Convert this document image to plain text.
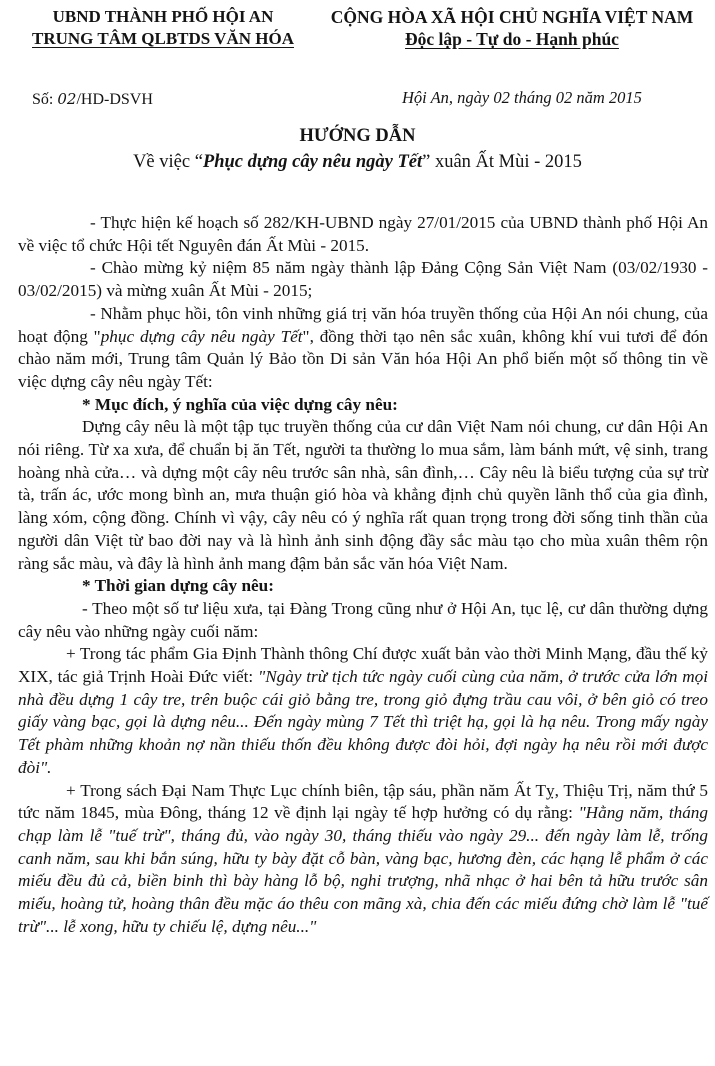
UBND THÀNH PHỐ HỘI AN
TRUNG TÂM QLBTDS VĂN HÓA
CỘNG HÒA XÃ HỘI CHỦ NGHĨA VIỆT NAM
Độc lập - Tự do - Hạnh phúc
Số: 02/HD-DSVH	Hội An, ngày 02 tháng 02 năm 2015
HƯỚNG DẪN
Về việc “Phục dựng cây nêu ngày Tết” xuân Ất Mùi - 2015

- Thực hiện kế hoạch số 282/KH-UBND ngày 27/01/2015 của UBND thành phố Hội An về việc tổ chức Hội tết Nguyên đán Ất Mùi - 2015.

- Chào mừng kỷ niệm 85 năm ngày thành lập Đảng Cộng Sản Việt Nam (03/02/1930 - 03/02/2015) và mừng xuân Ất Mùi - 2015;

- Nhằm phục hồi, tôn vinh những giá trị văn hóa truyền thống của Hội An nói chung, của hoạt động "phục dựng cây nêu ngày Tết", đồng thời tạo nên sắc xuân, không khí vui tươi để đón chào năm mới, Trung tâm Quản lý Bảo tồn Di sản Văn hóa Hội An phổ biến một số thông tin về việc dựng cây nêu ngày Tết:

* Mục đích, ý nghĩa của việc dựng cây nêu:

Dựng cây nêu là một tập tục truyền thống của cư dân Việt Nam nói chung, cư dân Hội An nói riêng. Từ xa xưa, để chuẩn bị ăn Tết, người ta thường lo mua sắm, làm bánh mứt, vệ sinh, trang hoàng nhà cửa… và dựng một cây nêu trước sân nhà, sân đình,… Cây nêu là biểu tượng của sự trừ tà, trấn ác, ước mong bình an, mưa thuận gió hòa và khẳng định chủ quyền lãnh thổ của gia đình, làng xóm, cộng đồng. Chính vì vậy, cây nêu có ý nghĩa rất quan trọng trong đời sống tinh thần của người dân Việt từ bao đời nay và là hình ảnh sinh động đầy sắc màu tạo cho mùa xuân thêm rộn ràng sắc màu, và đây là hình ảnh mang đậm bản sắc văn hóa Việt Nam.

* Thời gian dựng cây nêu:

- Theo một số tư liệu xưa, tại Đàng Trong cũng như ở Hội An, tục lệ, cư dân thường dựng cây nêu vào những ngày cuối năm:

+ Trong tác phẩm Gia Định Thành thông Chí được xuất bản vào thời Minh Mạng, đầu thế kỷ XIX, tác giả Trịnh Hoài Đức viết: "Ngày trừ tịch tức ngày cuối cùng của năm, ở trước cửa lớn mọi nhà đều dựng 1 cây tre, trên buộc cái giỏ bằng tre, trong giỏ đựng trầu cau vôi, ở bên giỏ có treo giấy vàng bạc, gọi là dựng nêu... Đến ngày mùng 7 Tết thì triệt hạ, gọi là hạ nêu. Trong mấy ngày Tết phàm những khoản nợ nần thiếu thốn đều không được đòi hỏi, đợi ngày hạ nêu rồi mới được đòi".

+ Trong sách Đại Nam Thực Lục chính biên, tập sáu, phần năm Ất Tỵ, Thiệu Trị, năm thứ 5 tức năm 1845, mùa Đông, tháng 12 về định lại ngày tế hợp hưởng có dụ rằng: "Hằng năm, tháng chạp làm lễ "tuế trừ", tháng đủ, vào ngày 30, tháng thiếu vào ngày 29... đến ngày làm lễ, trống canh năm, sau khi bắn súng, hữu ty bày đặt cỗ bàn, vàng bạc, hương đèn, các hạng lễ phẩm ở các miếu đều đủ cả, biền binh thì bày hàng lỗ bộ, nghi trượng, nhã nhạc ở hai bên tả hữu trước sân miếu, hoàng tử, hoàng thân đều mặc áo thêu con mãng xà, chia đến các miếu đứng chờ làm lễ "tuế trừ"... lễ xong, hữu ty chiếu lệ, dựng nêu..."
